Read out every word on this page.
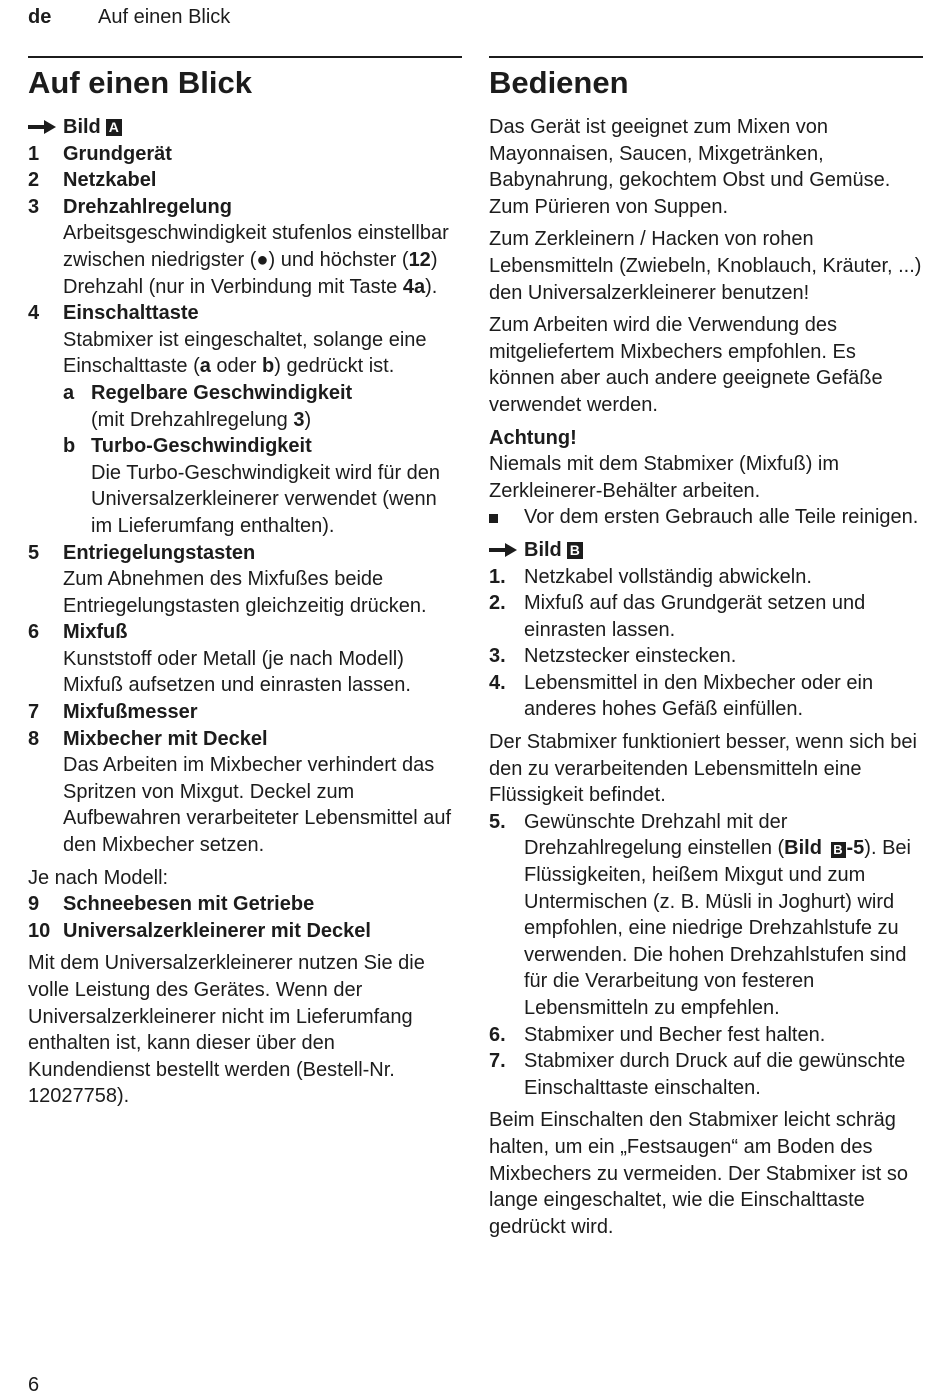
de Auf einen Blick
Auf einen Blick
Bild A
1	Grundgerät
2	Netzkabel
3	Drehzahlregelung
Arbeitsgeschwindigkeit stufenlos einstellbar zwischen niedrigster (●) und höchster (12) Drehzahl (nur in Verbindung mit Taste 4a).
4	Einschalttaste
Stabmixer ist eingeschaltet, solange eine Einschalttaste (a oder b) gedrückt ist.
a Regelbare Geschwindigkeit
(mit Drehzahlregelung 3)
b Turbo-Geschwindigkeit
Die Turbo-Geschwindigkeit wird für den Universalzerkleinerer verwendet (wenn im Lieferumfang enthalten).
5	Entriegelungstasten
Zum Abnehmen des Mixfußes beide Entriegelungstasten gleichzeitig drücken.
6	Mixfuß
Kunststoff oder Metall (je nach Modell) Mixfuß aufsetzen und einrasten lassen.
7	Mixfußmesser
8	Mixbecher mit Deckel
Das Arbeiten im Mixbecher verhindert das Spritzen von Mixgut. Deckel zum Aufbewahren verarbeiteter Lebensmittel auf den Mixbecher setzen.
Je nach Modell:
9	Schneebesen mit Getriebe
10 Universalzerkleinerer mit Deckel
Mit dem Universalzerkleinerer nutzen Sie die volle Leistung des Gerätes. Wenn der Universalzerkleinerer nicht im Lieferumfang enthalten ist, kann dieser über den Kundendienst bestellt werden (Bestell-Nr. 12027758).
Bedienen
Das Gerät ist geeignet zum Mixen von Mayonnaisen, Saucen, Mixgetränken, Babynahrung, gekochtem Obst und Gemüse.
Zum Pürieren von Suppen.
Zum Zerkleinern / Hacken von rohen Lebensmitteln (Zwiebeln, Knoblauch, Kräuter, ...) den Universalzerkleinerer benutzen!
Zum Arbeiten wird die Verwendung des mitgeliefertem Mixbechers empfohlen. Es können aber auch andere geeignete Gefäße verwendet werden.
Achtung!
Niemals mit dem Stabmixer (Mixfuß) im Zerkleinerer-Behälter arbeiten.
Vor dem ersten Gebrauch alle Teile reinigen.
Bild B
1. Netzkabel vollständig abwickeln.
2. Mixfuß auf das Grundgerät setzen und einrasten lassen.
3. Netzstecker einstecken.
4. Lebensmittel in den Mixbecher oder ein anderes hohes Gefäß einfüllen.
Der Stabmixer funktioniert besser, wenn sich bei den zu verarbeitenden Lebensmitteln eine Flüssigkeit befindet.
5. Gewünschte Drehzahl mit der Drehzahlregelung einstellen (Bild B -5). Bei Flüssigkeiten, heißem Mixgut und zum Untermischen (z. B. Müsli in Joghurt) wird empfohlen, eine niedrige Drehzahlstufe zu verwenden. Die hohen Drehzahlstufen sind für die Verarbeitung von festeren Lebensmitteln zu empfehlen.
6. Stabmixer und Becher fest halten.
7. Stabmixer durch Druck auf die gewünschte Einschalttaste einschalten.
Beim Einschalten den Stabmixer leicht schräg halten, um ein „Festsaugen“ am Boden des Mixbechers zu vermeiden. Der Stabmixer ist so lange eingeschaltet, wie die Einschalttaste gedrückt wird.
6
